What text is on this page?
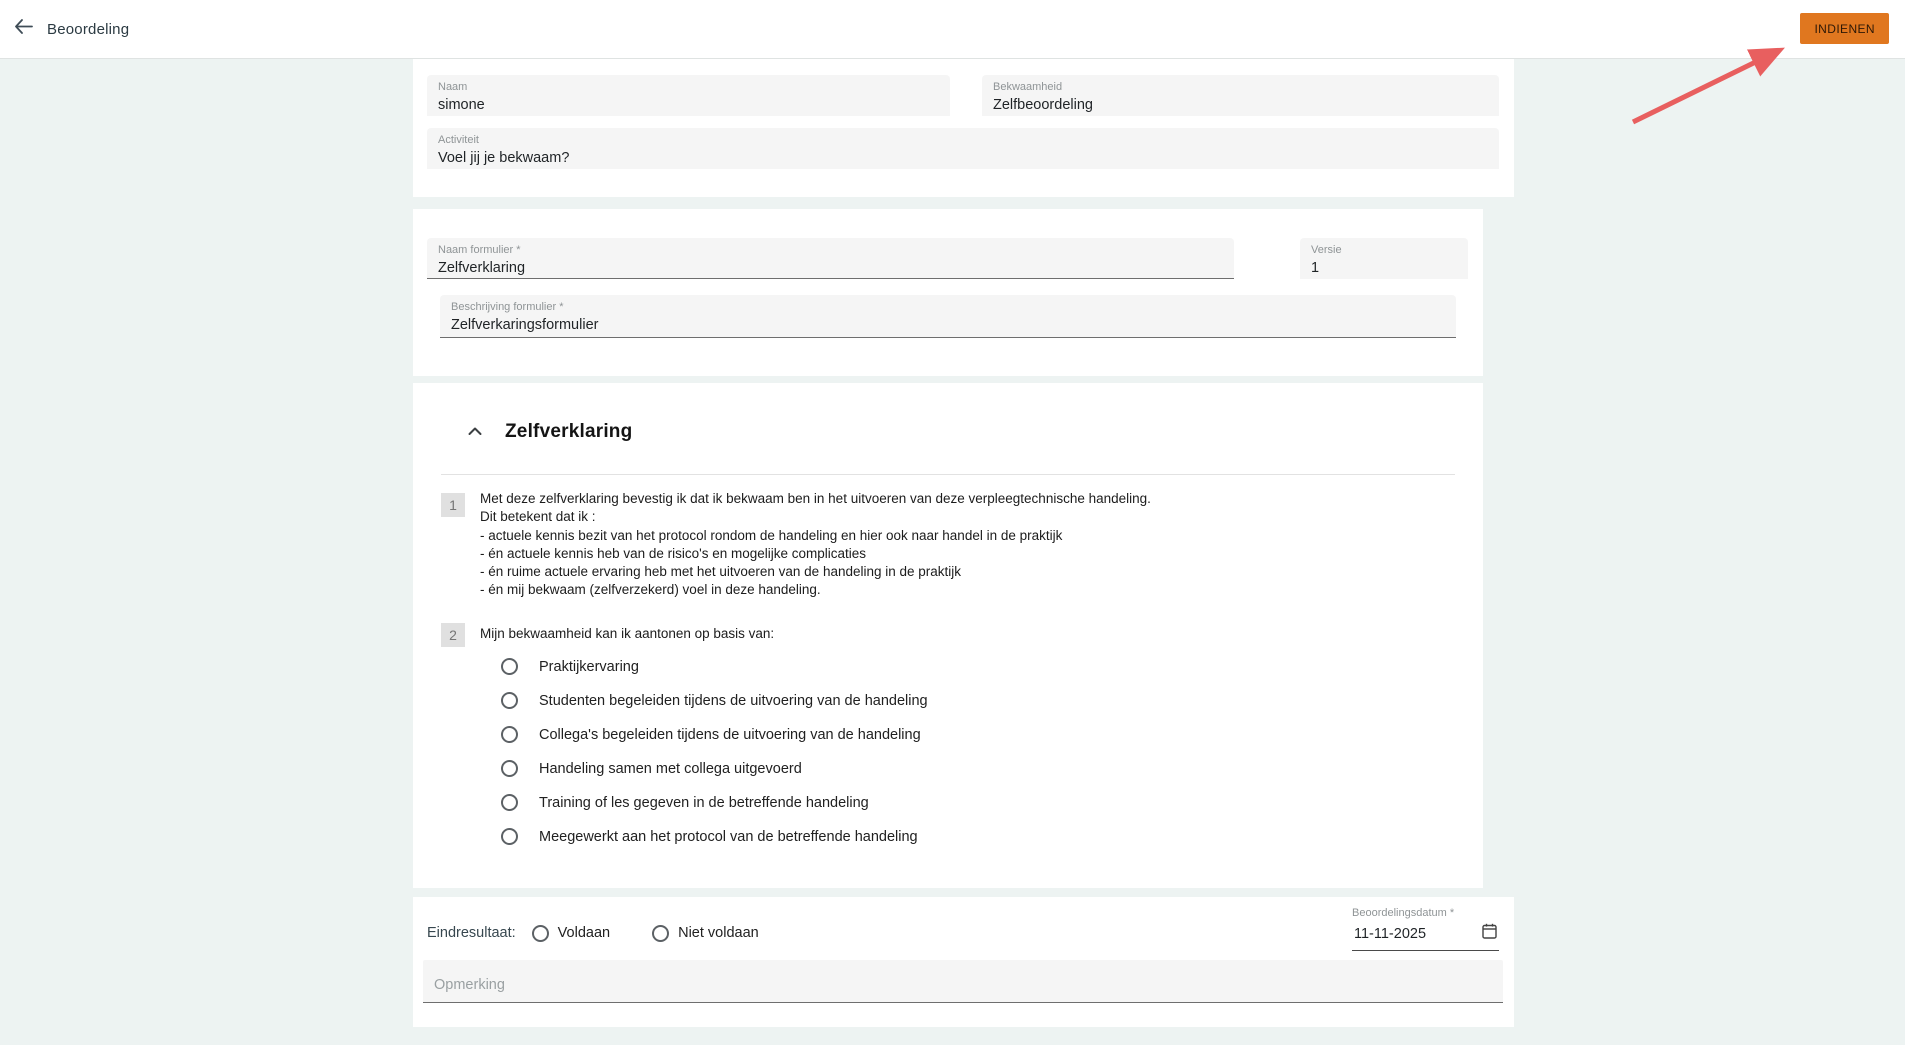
Beoordeling	INDIENEN
Naam
simone
Bekwaamheid
Zelfbeoordeling
Activiteit
Voel jij je bekwaam?
Naam formulier *
Zelfverklaring
Versie
1
Beschrijving formulier *
Zelfverkaringsformulier
Zelfverklaring
1	Met deze zelfverklaring bevestig ik dat ik bekwaam ben in het uitvoeren van deze verpleegtechnische handeling.
Dit betekent dat ik :
- actuele kennis bezit van het protocol rondom de handeling en hier ook naar handel in de praktijk
- én actuele kennis heb van de risico's en mogelijke complicaties
- én ruime actuele ervaring heb met het uitvoeren van de handeling in de praktijk
- én mij bekwaam (zelfverzekerd) voel in deze handeling.
2	Mijn bekwaamheid kan ik aantonen op basis van:
Praktijkervaring
Studenten begeleiden tijdens de uitvoering van de handeling
Collega's begeleiden tijdens de uitvoering van de handeling
Handeling samen met collega uitgevoerd
Training of les gegeven in de betreffende handeling
Meegewerkt aan het protocol van de betreffende handeling
Eindresultaat:	Voldaan	Niet voldaan
Beoordelingsdatum *
11-11-2025
Opmerking
